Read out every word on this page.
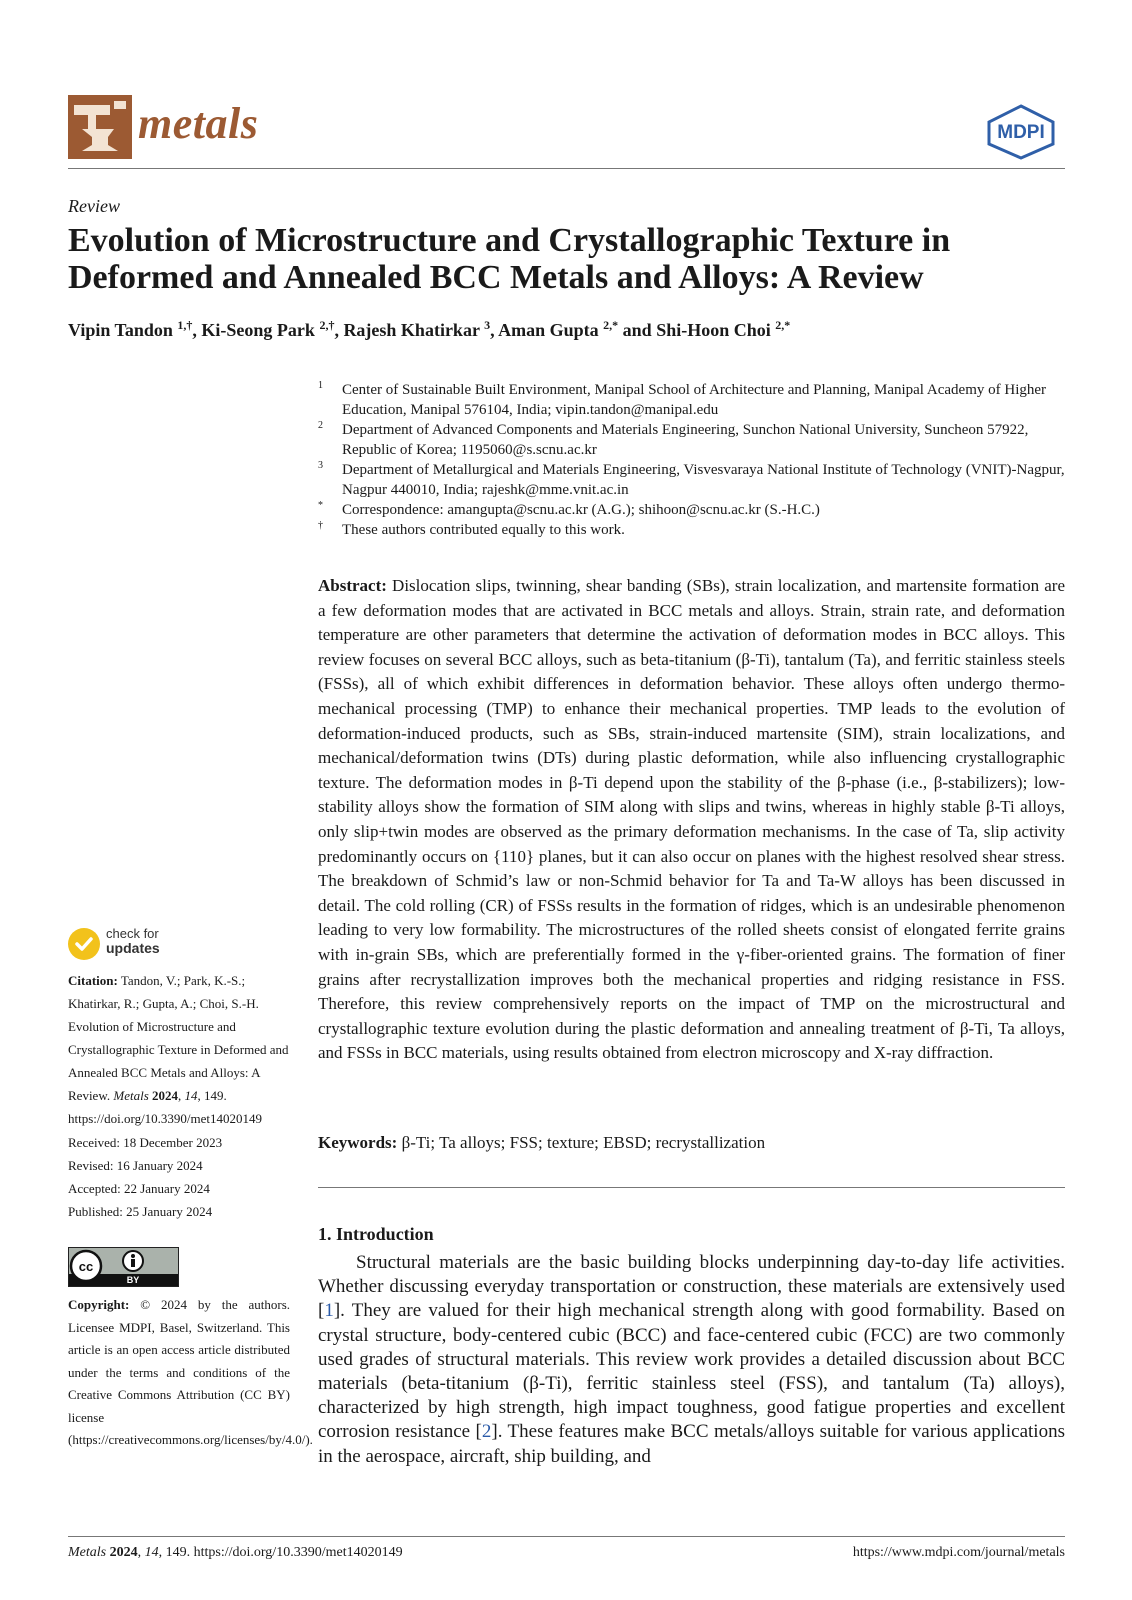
metals	MDPI
Review
Evolution of Microstructure and Crystallographic Texture in Deformed and Annealed BCC Metals and Alloys: A Review
Vipin Tandon $^{1,\dagger}$, Ki-Seong Park $^{2,\dagger}$, Rajesh Khatirkar $^3$, Aman Gupta $^{2,*}$ and Shi-Hoon Choi $^{2,*}$

1 Center of Sustainable Built Environment, Manipal School of Architecture and Planning, Manipal Academy of Higher Education, Manipal 576104, India; vipin.tandon@manipal.edu

2 Department of Advanced Components and Materials Engineering, Sunchon National University, Suncheon 57922, Republic of Korea; 1195060@s.scnu.ac.kr

3 Department of Metallurgical and Materials Engineering, Visvesvaraya National Institute of Technology (VNIT)-Nagpur, Nagpur 440010, India; rajeshk@mme.vnit.ac.in

* Correspondence: amangupta@scnu.ac.kr (A.G.); shihoon@scnu.ac.kr (S.-H.C.)

† These authors contributed equally to this work.

Abstract: Dislocation slips, twinning, shear banding (SBs), strain localization, and martensite formation are a few deformation modes that are activated in BCC metals and alloys. Strain, strain rate, and deformation temperature are other parameters that determine the activation of deformation modes in BCC alloys. This review focuses on several BCC alloys, such as beta-titanium (β-Ti), tantalum (Ta), and ferritic stainless steels (FSSs), all of which exhibit differences in deformation behavior. These alloys often undergo thermo-mechanical processing (TMP) to enhance their mechanical properties. TMP leads to the evolution of deformation-induced products, such as SBs, strain-induced martensite (SIM), strain localizations, and mechanical/deformation twins (DTs) during plastic deformation, while also influencing crystallographic texture. The deformation modes in β-Ti depend upon the stability of the β-phase (i.e., β-stabilizers); low-stability alloys show the formation of SIM along with slips and twins, whereas in highly stable β-Ti alloys, only slip+twin modes are observed as the primary deformation mechanisms. In the case of Ta, slip activity predominantly occurs on {110} planes, but it can also occur on planes with the highest resolved shear stress. The breakdown of Schmid’s law or non-Schmid behavior for Ta and Ta-W alloys has been discussed in detail. The cold rolling (CR) of FSSs results in the formation of ridges, which is an undesirable phenomenon leading to very low formability. The microstructures of the rolled sheets consist of elongated ferrite grains with in-grain SBs, which are preferentially formed in the γ-fiber-oriented grains. The formation of finer grains after recrystallization improves both the mechanical properties and ridging resistance in FSS. Therefore, this review comprehensively reports on the impact of TMP on the microstructural and crystallographic texture evolution during the plastic deformation and annealing treatment of β-Ti, Ta alloys, and FSSs in BCC materials, using results obtained from electron microscopy and X-ray diffraction.
Keywords: β-Ti; Ta alloys; FSS; texture; EBSD; recrystallization
1. Introduction
Structural materials are the basic building blocks underpinning day-to-day life activities. Whether discussing everyday transportation or construction, these materials are extensively used [1]. They are valued for their high mechanical strength along with good formability. Based on crystal structure, body-centered cubic (BCC) and face-centered cubic (FCC) are two commonly used grades of structural materials. This review work provides a detailed discussion about BCC materials (beta-titanium (β-Ti), ferritic stainless steel (FSS), and tantalum (Ta) alloys), characterized by high strength, high impact toughness, good fatigue properties and excellent corrosion resistance [2]. These features make BCC metals/alloys suitable for various applications in the aerospace, aircraft, ship building, and
check for
updates
Citation: Tandon, V.; Park, K.-S.; Khatirkar, R.; Gupta, A.; Choi, S.-H. Evolution of Microstructure and Crystallographic Texture in Deformed and Annealed BCC Metals and Alloys: A Review. Metals 2024, 14, 149. https://doi.org/10.3390/met14020149
Received: 18 December 2023
Revised: 16 January 2024
Accepted: 22 January 2024
Published: 25 January 2024
cc
BY
Copyright: © 2024 by the authors. Licensee MDPI, Basel, Switzerland. This article is an open access article distributed under the terms and conditions of the Creative Commons Attribution (CC BY) license (https://creativecommons.org/licenses/by/4.0/).
Metals 2024, 14, 149. https://doi.org/10.3390/met14020149	https://www.mdpi.com/journal/metals
